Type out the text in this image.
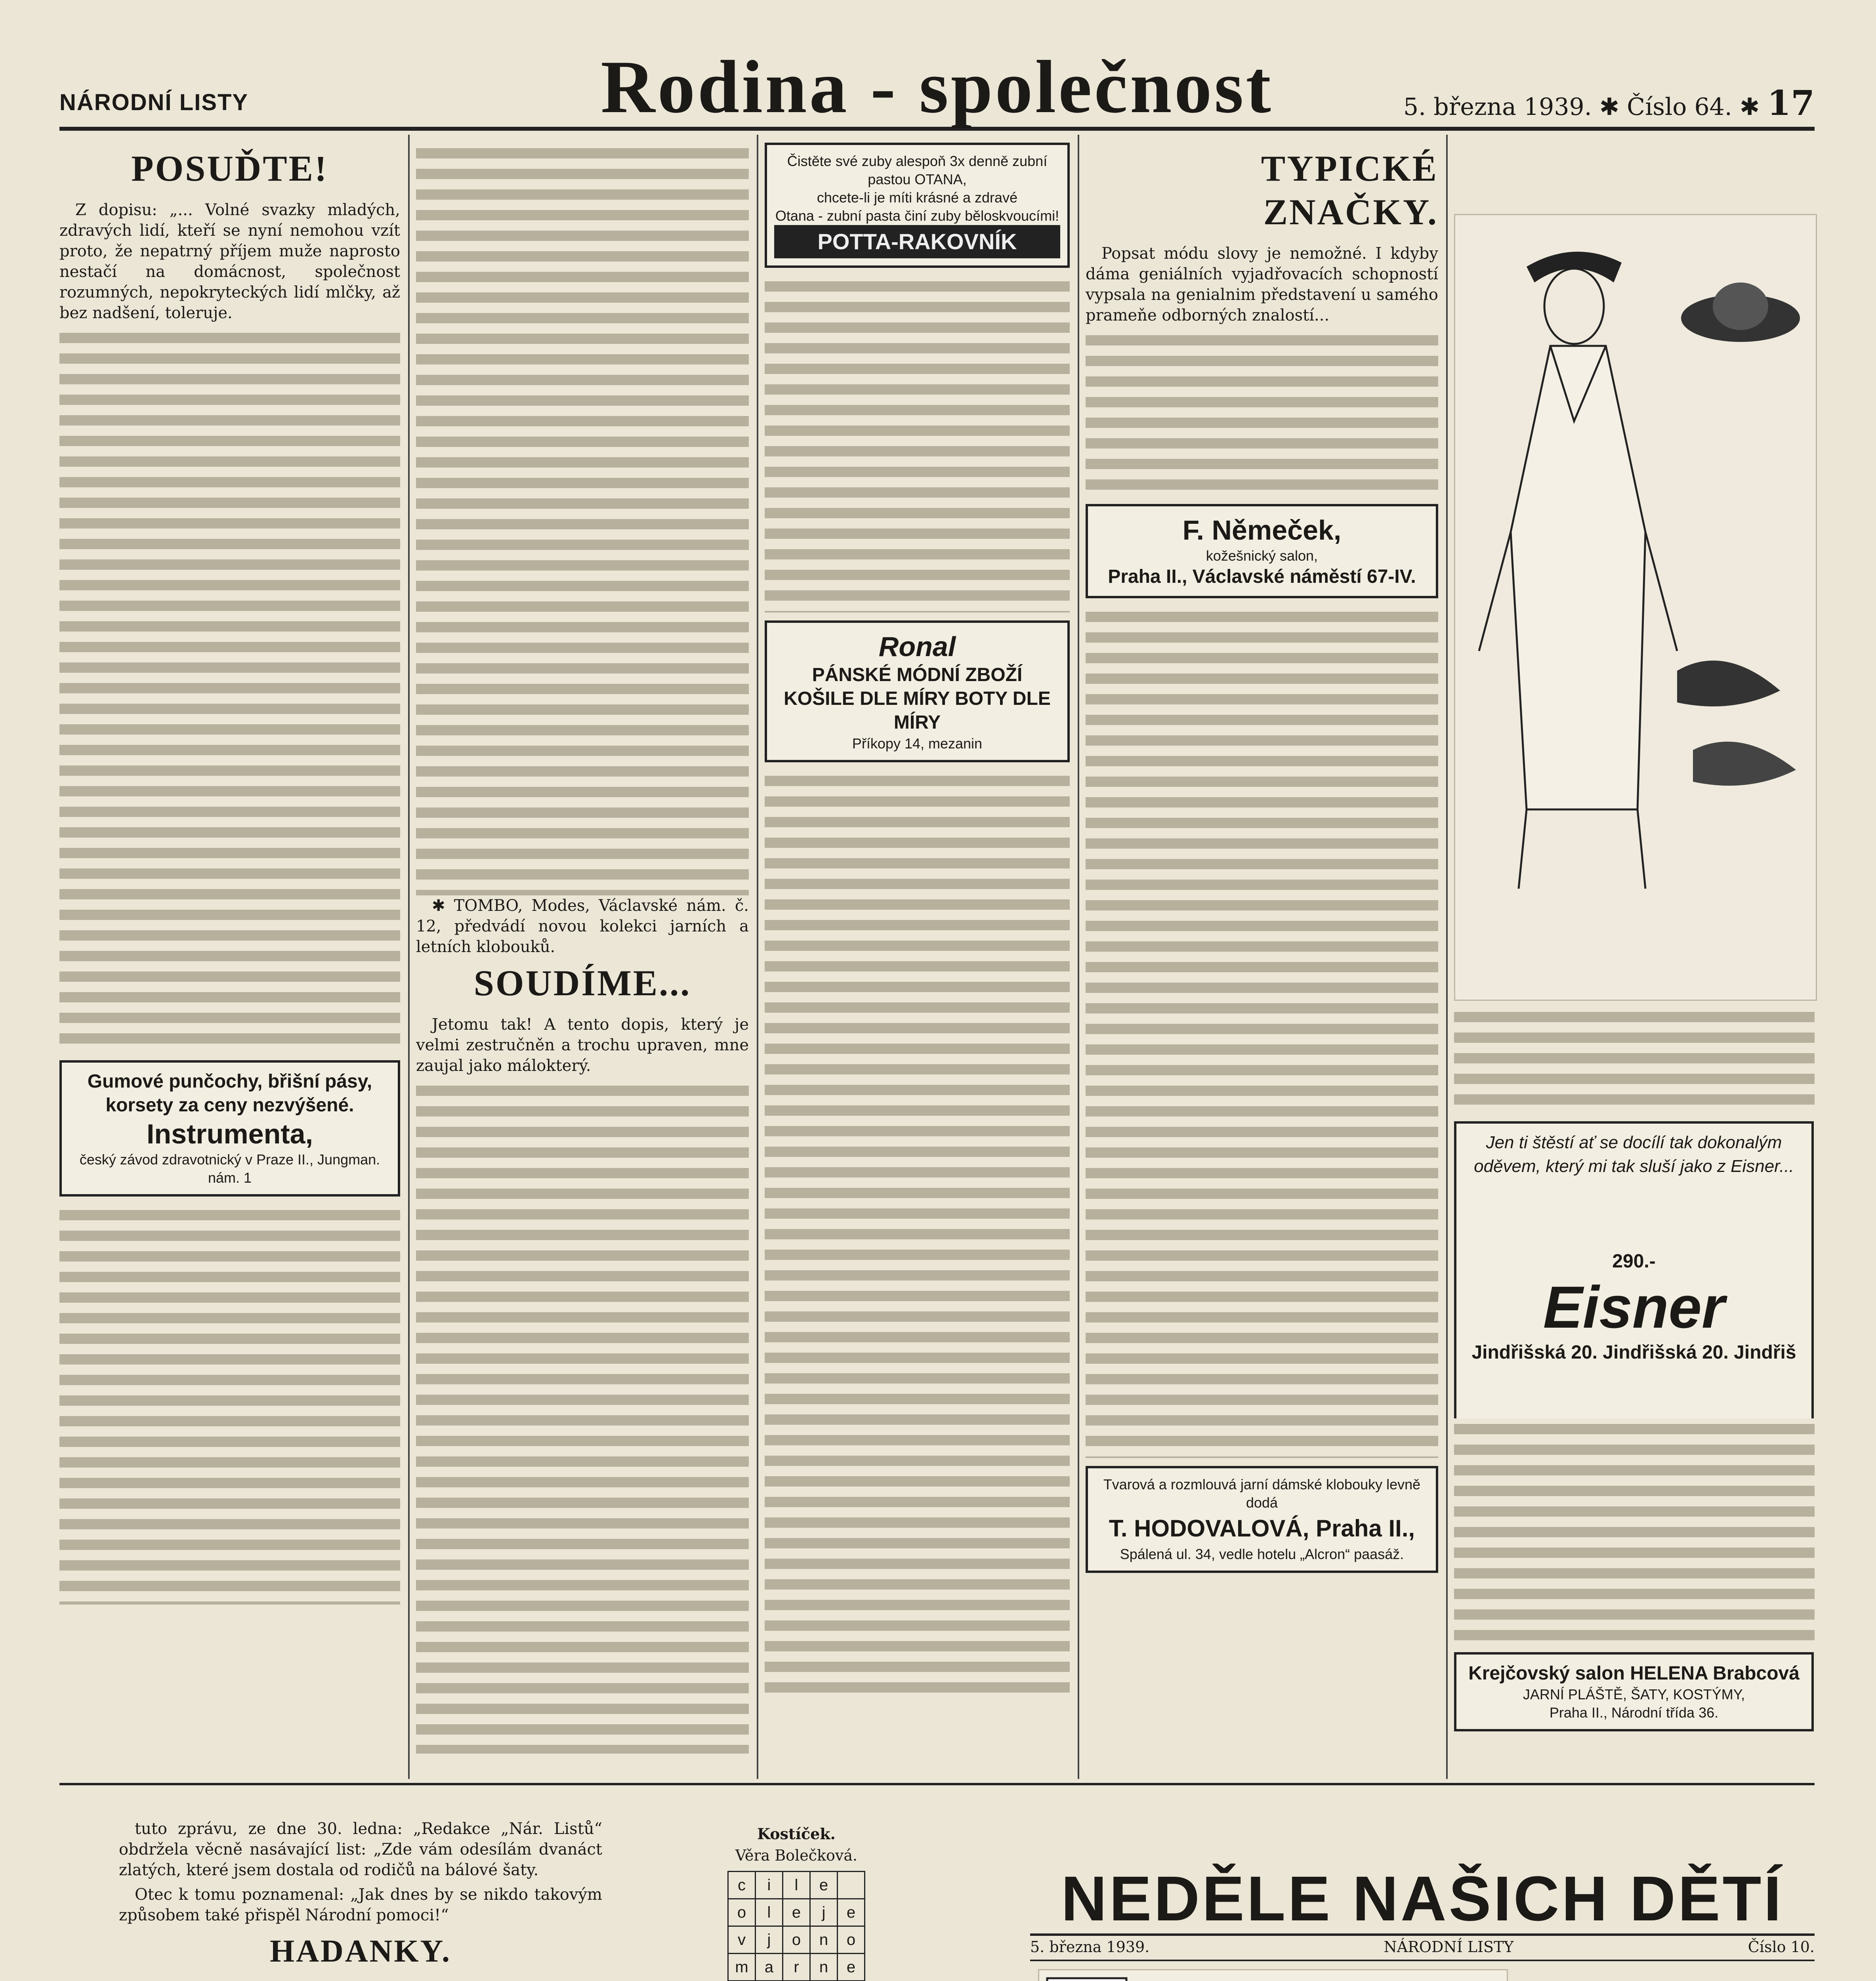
NÁRODNÍ LISTY	Rodina - společnost	5. března 1939. ✱ Číslo 64. ✱ 17
POSUĎTE!

Z dopisu: „... Volné svazky mladých, zdravých lidí, kteří se nyní nemohou vzít proto, že nepatrný příjem muže naprosto nestačí na domácnost, společnost rozumných, nepokryteckých lidí mlčky, až bez nadšení, toleruje.

Gumové punčochy, břišní pásy, korsety za ceny nezvýšené.
Instrumenta,
český závod zdravotnický v Praze II., Jungman. nám. 1

✱ TOMBO, Modes, Václavské nám. č. 12, předvádí novou kolekci jarních a letních klobouků.

SOUDÍME...

Jetomu tak! A tento dopis, který je velmi zestručněn a trochu upraven, mne zaujal jako málokterý.

Čistěte své zuby alespoň 3x denně zubní pastou OTANA,
chcete-li je míti krásné a zdravé
Otana - zubní pasta činí zuby běloskvoucími!
POTTA-RAKOVNÍK
Ronal
PÁNSKÉ MÓDNÍ ZBOŽÍ KOŠILE DLE MÍRY BOTY DLE MÍRY
Příkopy 14, mezanin
TYPICKÉ ZNAČKY.

Popsat módu slovy je nemožné. I kdyby dáma geniálních vyjadřovacích schopností vypsala na genialnim představení u samého prameňe odborných znalostí...

F. Němeček,
kožešnický salon,
Praha II., Václavské náměstí 67-IV.
Tvarová a rozmlouvá jarní dámské klobouky levně dodá
T. HODOVALOVÁ, Praha II.,
Spálená ul. 34, vedle hotelu „Alcron“ paasáž.
Jen ti štěstí ať se docílí tak dokonalým oděvem, který mi tak sluší jako z Eisner...
290.-
Eisner
Jindřišská 20. Jindřišská 20. Jindřiš
Krejčovský salon HELENA Brabcová
JARNÍ PLÁŠTĚ, ŠATY, KOSTÝMY,
Praha II., Národní třída 36.

tuto zprávu, ze dne 30. ledna: „Redakce „Nár. Listů“ obdržela věcně nasávající list: „Zde vám odesílám dvanáct zlatých, které jsem dostala od rodičů na bálové šaty.

Otec k tomu poznamenal: „Jak dnes by se nikdo takovým způsobem také přispěl Národní pomoci!“

HADANKY.
Kostíček.
Věra Bolečková.
c	i	l	e	
o	l	e	j	e
v	j	o	n	o
m	a	r	n	e

NEDĚLE NAŠICH DĚTÍ
5. března 1939.	NÁRODNÍ LISTY	Číslo 10.
